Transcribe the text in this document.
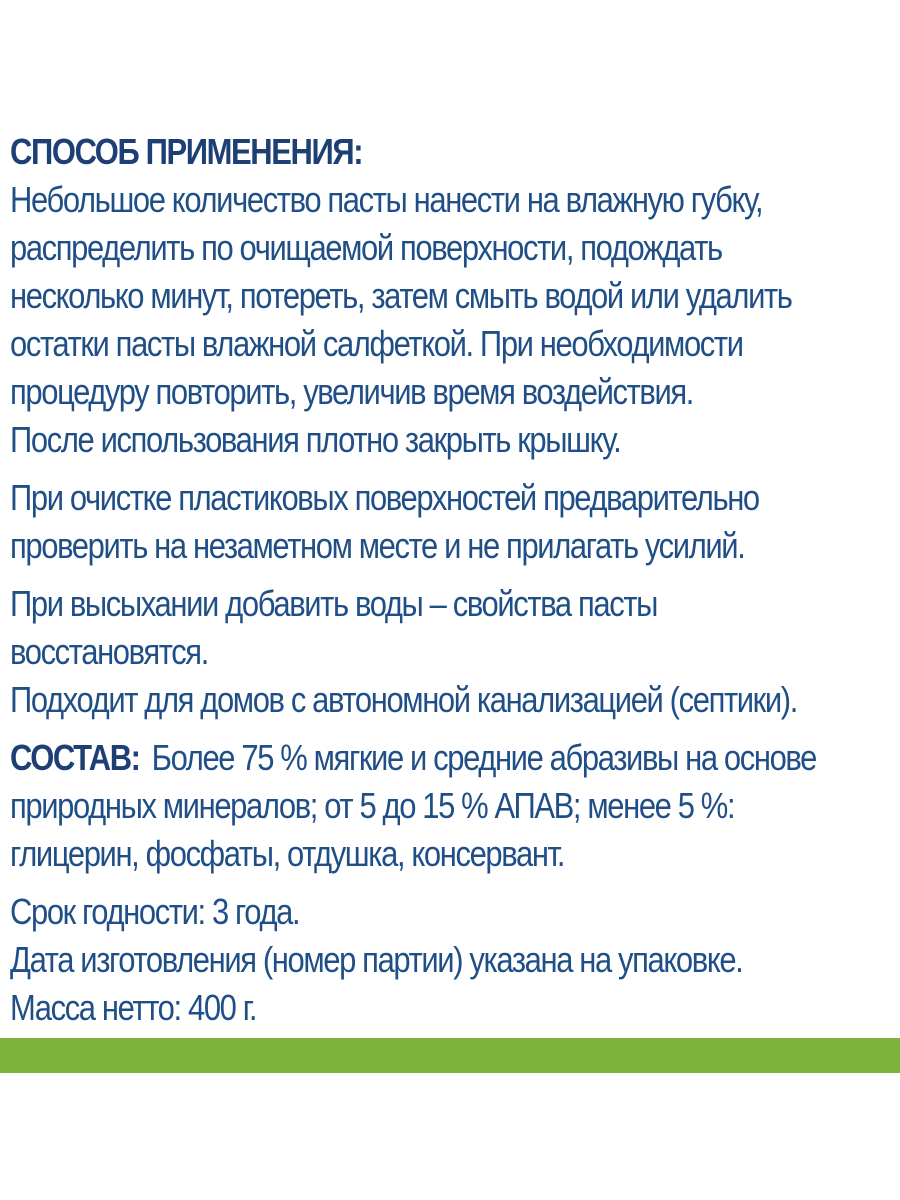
СПОСОБ ПРИМЕНЕНИЯ:
Небольшое количество пасты нанести на влажную губку,
распределить по очищаемой поверхности, подождать
несколько минут, потереть, затем смыть водой или удалить
остатки пасты влажной салфеткой. При необходимости
процедуру повторить, увеличив время воздействия.
После использования плотно закрыть крышку.
При очистке пластиковых поверхностей предварительно
проверить на незаметном месте и не прилагать усилий.
При высыхании добавить воды – свойства пасты
восстановятся.
Подходит для домов с автономной канализацией (септики).
СОСТАВ: Более 75 % мягкие и средние абразивы на основе
природных минералов; от 5 до 15 % АПАВ; менее 5 %:
глицерин, фосфаты, отдушка, консервант.
Срок годности: 3 года.
Дата изготовления (номер партии) указана на упаковке.
Масса нетто: 400 г.
